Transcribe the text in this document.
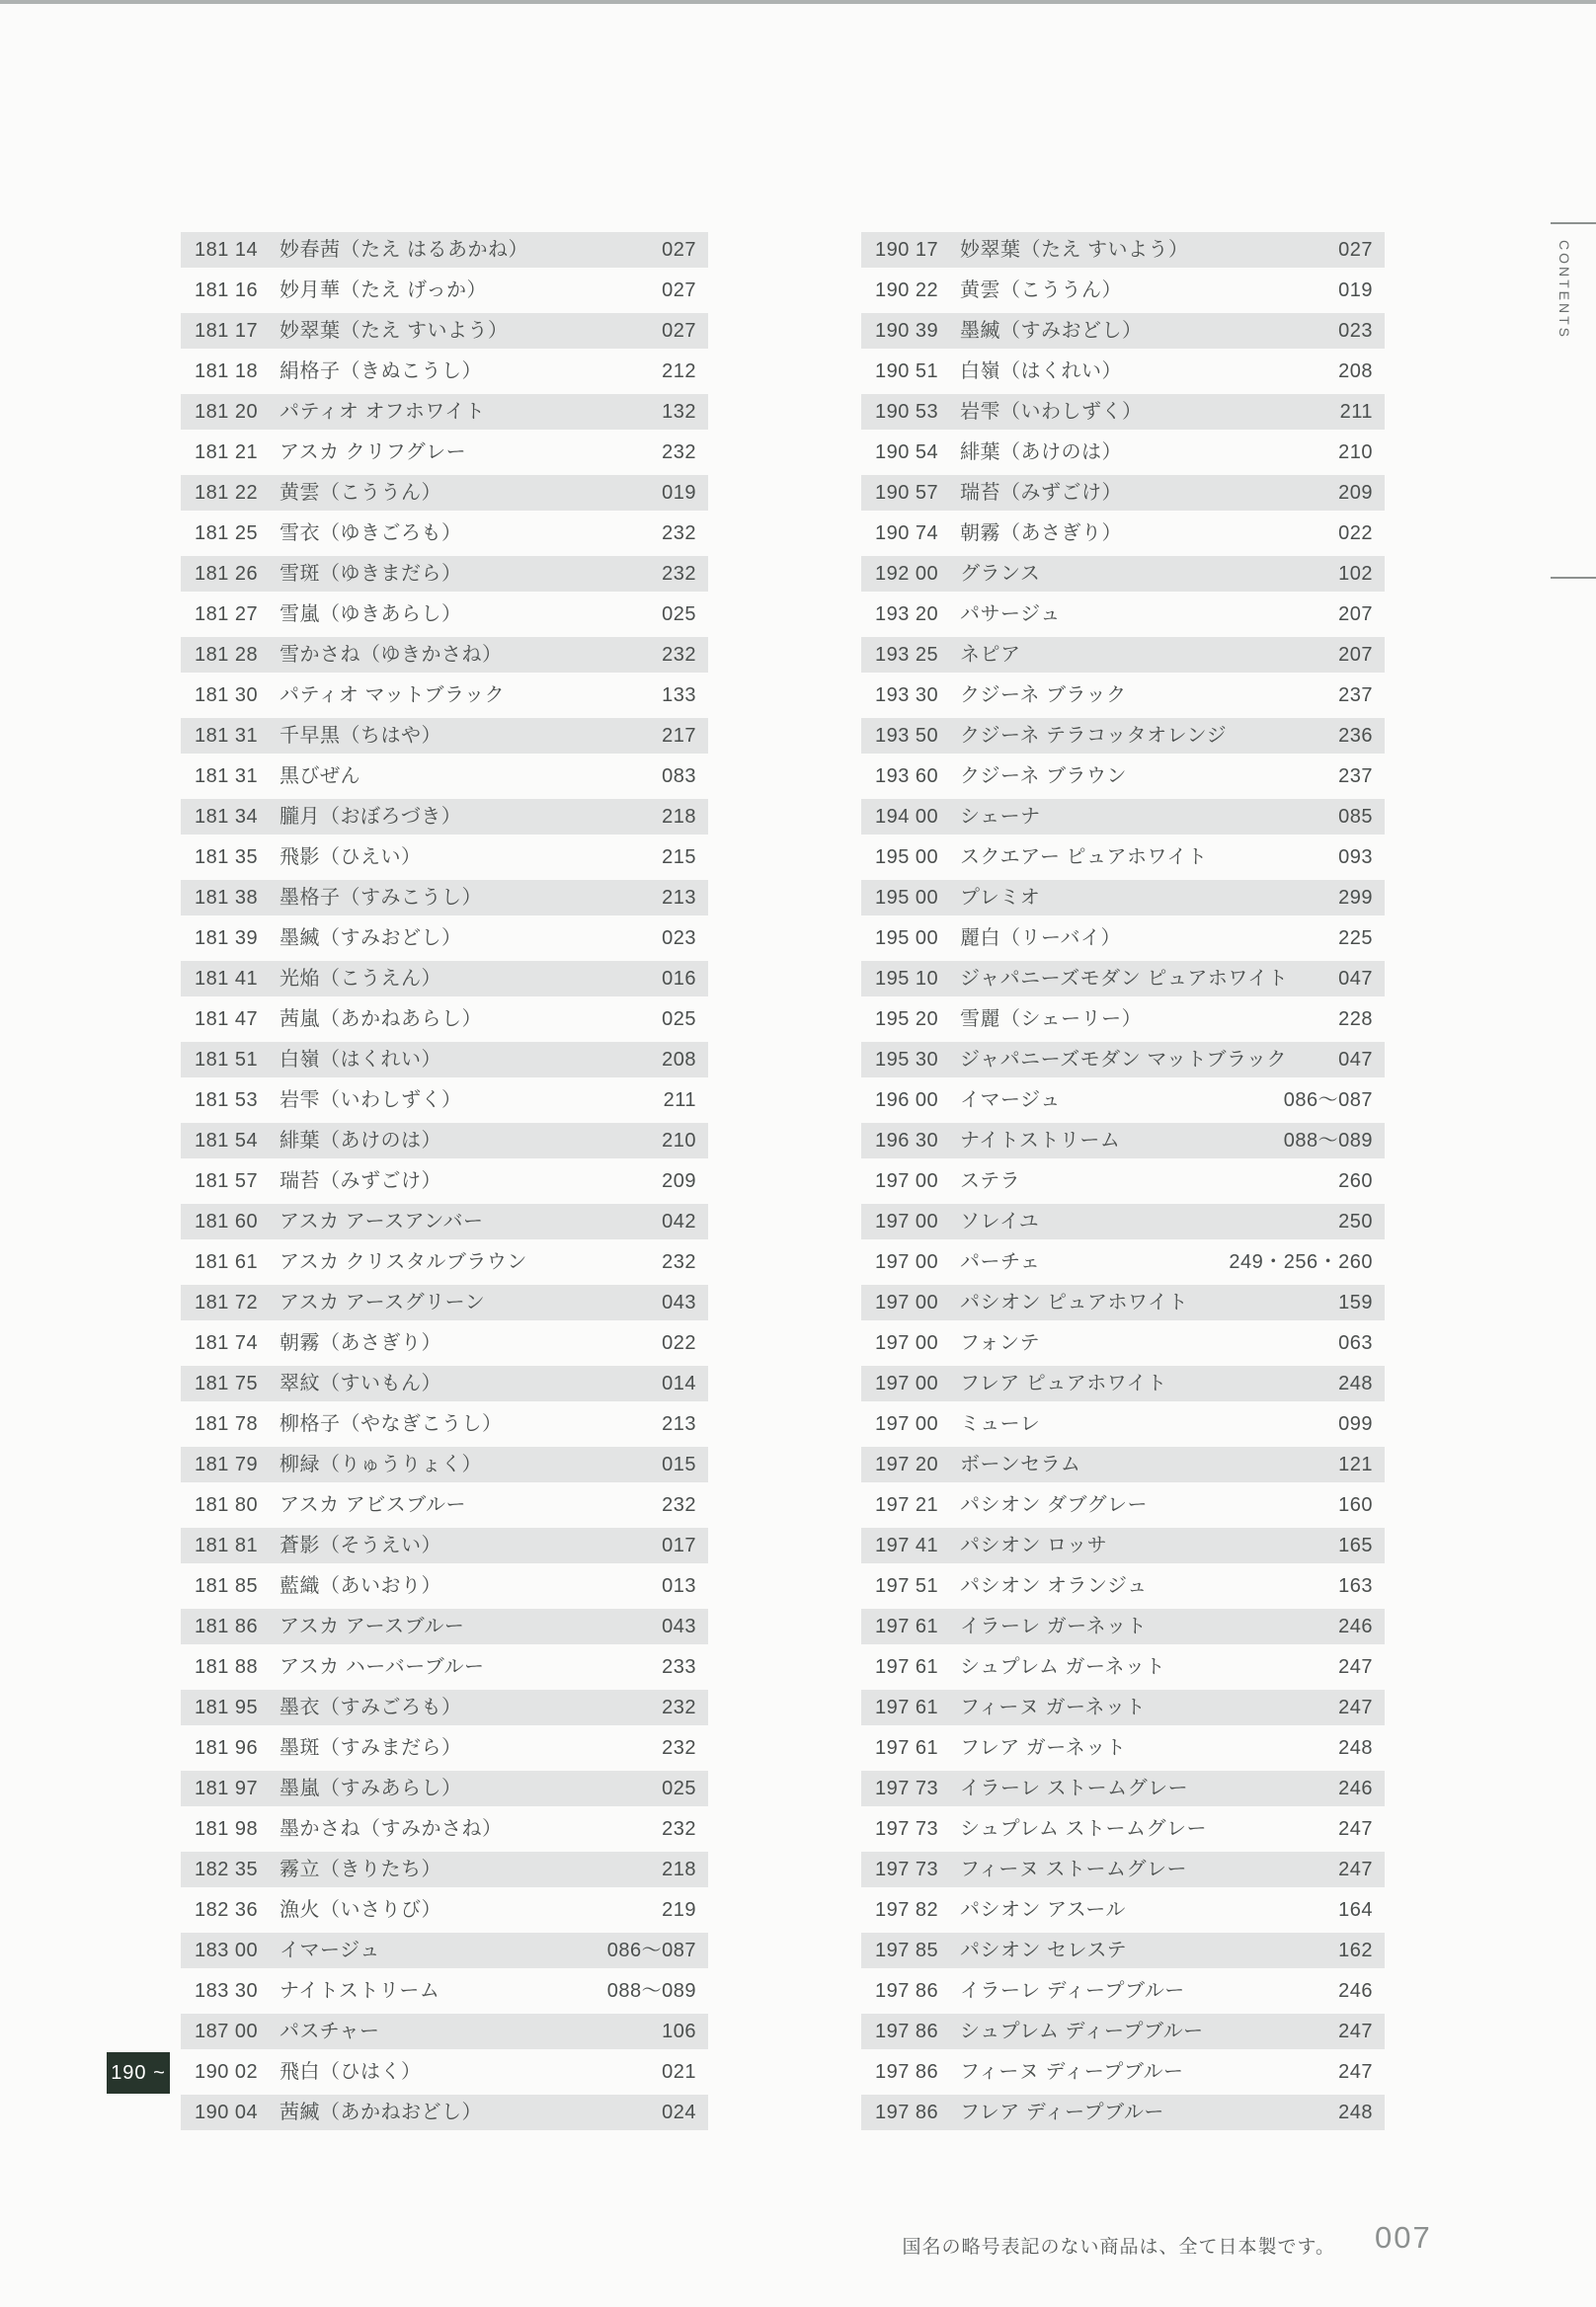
CONTENTS
181 14	妙春茜（たえ はるあかね）	027
181 16	妙月華（たえ げっか）	027
181 17	妙翠葉（たえ すいよう）	027
181 18	絹格子（きぬこうし）	212
181 20	パティオ オフホワイト	132
181 21	アスカ クリフグレー	232
181 22	黄雲（こううん）	019
181 25	雪衣（ゆきごろも）	232
181 26	雪斑（ゆきまだら）	232
181 27	雪嵐（ゆきあらし）	025
181 28	雪かさね（ゆきかさね）	232
181 30	パティオ マットブラック	133
181 31	千早黒（ちはや）	217
181 31	黒びぜん	083
181 34	朧月（おぼろづき）	218
181 35	飛影（ひえい）	215
181 38	墨格子（すみこうし）	213
181 39	墨縅（すみおどし）	023
181 41	光焔（こうえん）	016
181 47	茜嵐（あかねあらし）	025
181 51	白嶺（はくれい）	208
181 53	岩雫（いわしずく）	211
181 54	緋葉（あけのは）	210
181 57	瑞苔（みずごけ）	209
181 60	アスカ アースアンバー	042
181 61	アスカ クリスタルブラウン	232
181 72	アスカ アースグリーン	043
181 74	朝霧（あさぎり）	022
181 75	翠紋（すいもん）	014
181 78	柳格子（やなぎこうし）	213
181 79	柳緑（りゅうりょく）	015
181 80	アスカ アビスブルー	232
181 81	蒼影（そうえい）	017
181 85	藍織（あいおり）	013
181 86	アスカ アースブルー	043
181 88	アスカ ハーバーブルー	233
181 95	墨衣（すみごろも）	232
181 96	墨斑（すみまだら）	232
181 97	墨嵐（すみあらし）	025
181 98	墨かさね（すみかさね）	232
182 35	霧立（きりたち）	218
182 36	漁火（いさりび）	219
183 00	イマージュ	086～087
183 30	ナイトストリーム	088～089
187 00	パスチャー	106
190 02	飛白（ひはく）	021
190 04	茜縅（あかねおどし）	024
190 17	妙翠葉（たえ すいよう）	027
190 22	黄雲（こううん）	019
190 39	墨縅（すみおどし）	023
190 51	白嶺（はくれい）	208
190 53	岩雫（いわしずく）	211
190 54	緋葉（あけのは）	210
190 57	瑞苔（みずごけ）	209
190 74	朝霧（あさぎり）	022
192 00	グランス	102
193 20	パサージュ	207
193 25	ネピア	207
193 30	クジーネ ブラック	237
193 50	クジーネ テラコッタオレンジ	236
193 60	クジーネ ブラウン	237
194 00	シェーナ	085
195 00	スクエアー ピュアホワイト	093
195 00	プレミオ	299
195 00	麗白（リーバイ）	225
195 10	ジャパニーズモダン ピュアホワイト	047
195 20	雪麗（シェーリー）	228
195 30	ジャパニーズモダン マットブラック	047
196 00	イマージュ	086～087
196 30	ナイトストリーム	088～089
197 00	ステラ	260
197 00	ソレイユ	250
197 00	パーチェ	249・256・260
197 00	パシオン ピュアホワイト	159
197 00	フォンテ	063
197 00	フレア ピュアホワイト	248
197 00	ミューレ	099
197 20	ボーンセラム	121
197 21	パシオン ダブグレー	160
197 41	パシオン ロッサ	165
197 51	パシオン オランジュ	163
197 61	イラーレ ガーネット	246
197 61	シュプレム ガーネット	247
197 61	フィーヌ ガーネット	247
197 61	フレア ガーネット	248
197 73	イラーレ ストームグレー	246
197 73	シュプレム ストームグレー	247
197 73	フィーヌ ストームグレー	247
197 82	パシオン アスール	164
197 85	パシオン セレステ	162
197 86	イラーレ ディープブルー	246
197 86	シュプレム ディープブルー	247
197 86	フィーヌ ディープブルー	247
197 86	フレア ディープブルー	248
190 ~
国名の略号表記のない商品は、全て日本製です。 007
